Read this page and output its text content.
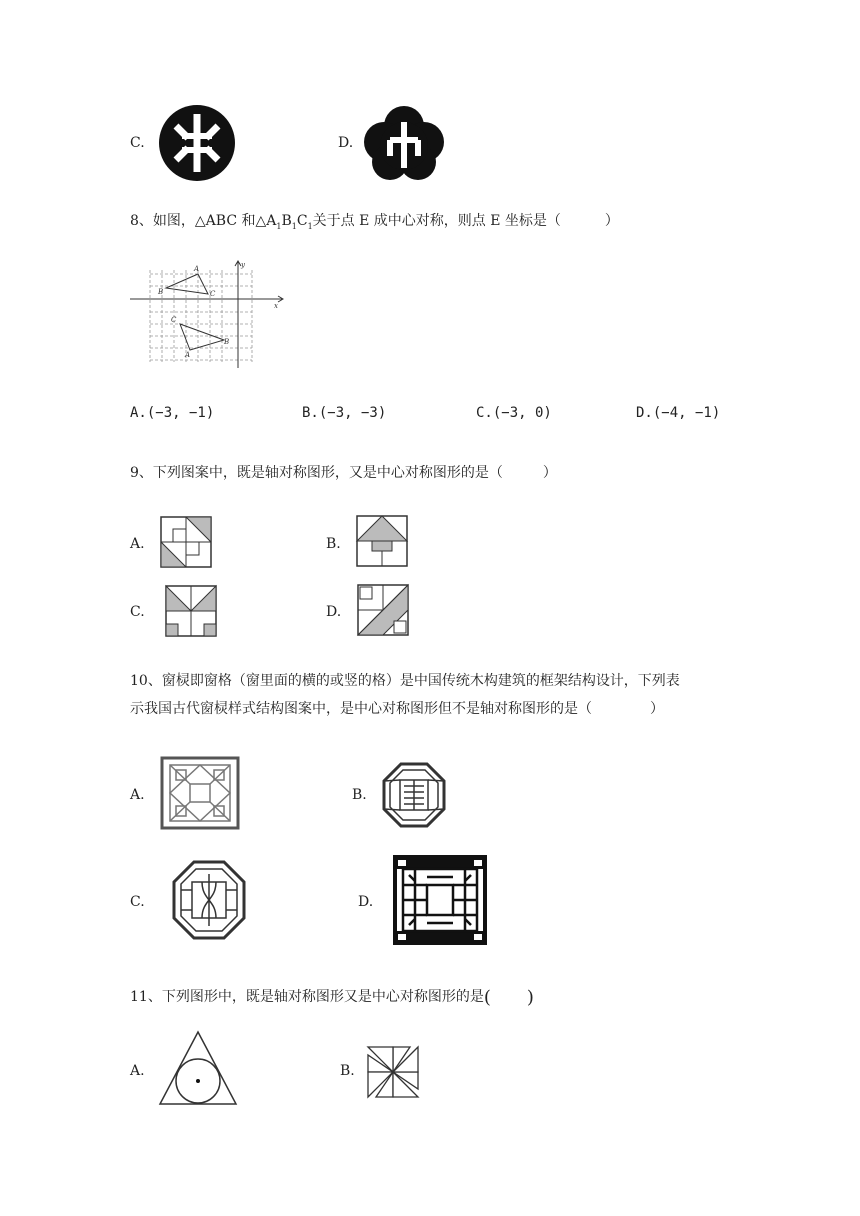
C.	D.
8、如图，△ABC 和$\triangle A_1B_1C_1$关于点 E 成中心对称，则点 E 坐标是（	）
A
B	C
C
A
B
x
y
A.(−3, −1)	B.(−3, −3)	C.(−3, 0)	D.(−4, −1)
9、下列图案中，既是轴对称图形，又是中心对称图形的是（	）
A.	B.
C.	D.
10、窗棂即窗格（窗里面的横的或竖的格）是中国传统木构建筑的框架结构设计，下列表
示我国古代窗棂样式结构图案中，是中心对称图形但不是轴对称图形的是（	）
A.	B.
C.	D.
11、下列图形中，既是轴对称图形又是中心对称图形的是( )
A.	B.
